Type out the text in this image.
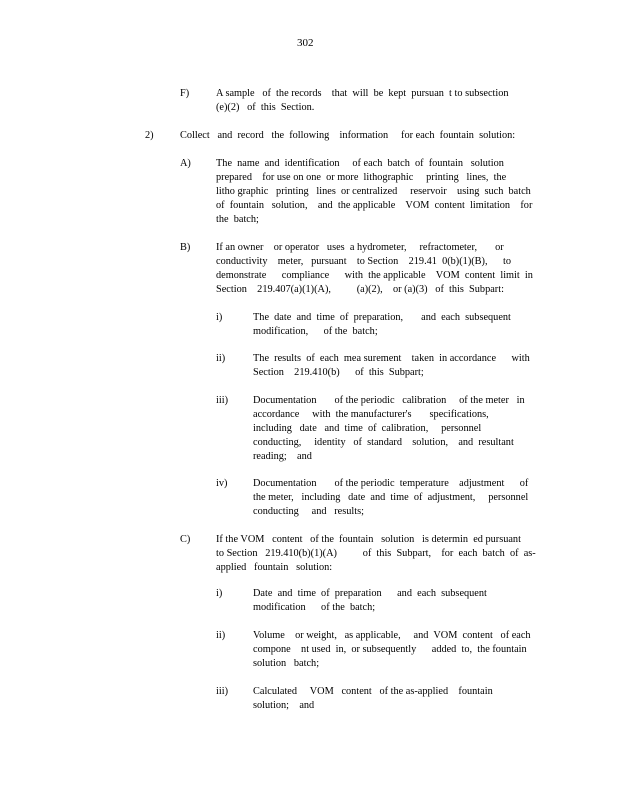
302
F)	A sample   of  the records    that  will  be  kept  pursuan  t to subsection
(e)(2)   of  this  Section.
2)	Collect   and  record   the  following    information     for each  fountain  solution:
A) The  name  and  identification     of each  batch  of  fountain   solution
prepared    for use on one  or more  lithographic     printing   lines,  the
litho graphic   printing   lines  or centralized     reservoir    using  such  batch
of  fountain   solution,    and  the applicable    VOM  content  limitation    for
the  batch;
B) If an owner    or operator   uses  a hydrometer,     refractometer,       or
conductivity    meter,   pursuant    to Section    219.41  0(b)(1)(B),      to
demonstrate      compliance      with  the applicable    VOM  content  limit  in
Section    219.407(a)(1)(A),          (a)(2),    or (a)(3)   of  this  Subpart:
i)	The  date  and  time  of  preparation,       and  each  subsequent
modification,      of the  batch;
ii)	The  results  of  each  mea surement    taken  in accordance      with
Section    219.410(b)      of  this  Subpart;
iii) Documentation       of the periodic   calibration     of the meter   in
accordance     with  the manufacturer's       specifications,
including   date   and  time  of  calibration,     personnel
conducting,     identity   of  standard    solution,    and  resultant
reading;    and
iv) Documentation       of the periodic  temperature    adjustment      of
the meter,   including   date  and  time  of  adjustment,     personnel
conducting     and   results;
C) If the VOM   content   of the  fountain   solution   is determin  ed pursuant
to Section   219.410(b)(1)(A)          of  this  Subpart,    for  each  batch  of  as-
applied   fountain   solution:
i)	Date  and  time  of  preparation      and  each  subsequent
modification      of the  batch;
ii)	Volume    or weight,   as applicable,     and  VOM  content   of each
compone    nt used  in,  or subsequently      added  to,  the fountain
solution   batch;
iii) Calculated     VOM   content   of the as-applied    fountain
solution;    and
